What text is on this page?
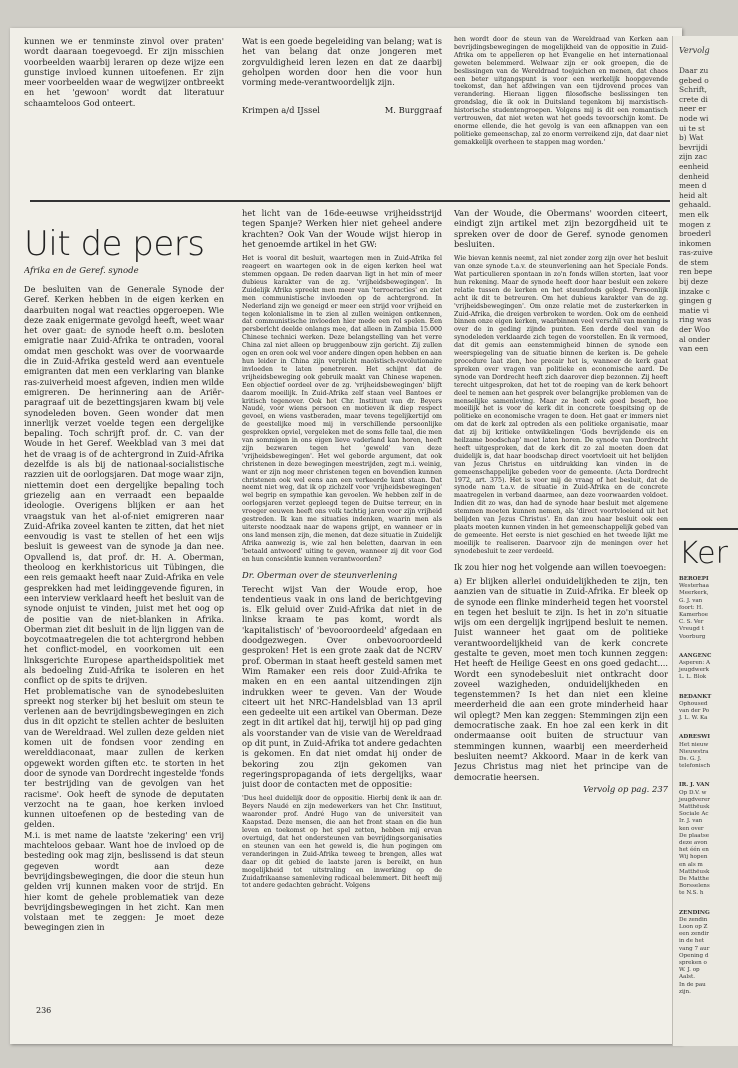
kunnen we er tenminste zinvol over praten' wordt daaraan toegevoegd. Er zijn misschien voorbeelden waarbij leraren op deze wijze een gunstige invloed kunnen uitoefenen. Er zijn meer voorbeelden waar de wegwijzer ontbreekt en het 'gewoon' wordt dat literatuur schaamteloos God onteert.

Wat is een goede begeleiding van belang; wat is het van belang dat onze jongeren met zorgvuldigheid leren lezen en dat ze daarbij geholpen worden door hen die voor hun vorming mede-verantwoordelijk zijn.

Krimpen a/d IJssel	M. Burggraaf

hen wordt door de steun van de Wereldraad van Kerken aan bevrijdingsbewegingen de mogelijkheid van de oppositie in Zuid-Afrika om te appelleren op het Evangelie en het internationaal geweten belemmerd. Welwaar zijn er ook groepen, die de beslissingen van de Wereldraad toejuichen en menen, dat chaos een beter uitgangspunt is voor een werkelijk hoopgevende toekomst, dan het afdwingen van een tijdrovend proces van verandering. Hieraan liggen filosofische beslissingen ten grondslag, die ik ook in Duitsland tegenkom bij marxistisch-historische studentengroepen. Volgens mij is dit een romantisch vertrouwen, dat niet weten wat het goeds tevoorschijn komt. De enorme ellende, die het gevolg is van een afknappen van een politieke gemeenschap, zal zo enorm verreikend zijn, dat daar niet gemakkelijk overheen te stappen mag worden.'

Uit de pers
Afrika en de Geref. synode

De besluiten van de Generale Synode der Geref. Kerken hebben in de eigen kerken en daarbuiten nogal wat reacties opgeroepen. Wie deze zaak enigermate gevolgd heeft, weet waar het over gaat: de synode heeft o.m. besloten emigratie naar Zuid-Afrika te ontraden, vooral omdat men geschokt was over de voorwaarde die in Zuid-Afrika gesteld werd aan eventuele emigranten dat men een verklaring van blanke ras-zuiverheid moest afgeven, indien men wilde emigreren. De herinnering aan de Ariër-paragraaf uit de bezettingsjaren kwam bij vele synodeleden boven. Geen wonder dat men innerlijk verzet voelde tegen een dergelijke bepaling. Toch schrijft prof. dr. C. van der Woude in het Geref. Weekblad van 3 mei dat het de vraag is of de achtergrond in Zuid-Afrika dezelfde is als bij de nationaal-socialistische razzien uit de oorlogsjaren. Dat moge waar zijn, niettemin doet een dergelijke bepaling toch griezelig aan en verraadt een bepaalde ideologie. Overigens blijken er aan het vraagstuk van het al-of-niet emigreren naar Zuid-Afrika zoveel kanten te zitten, dat het niet eenvoudig is vast te stellen of het een wijs besluit is geweest van de synode ja dan nee. Opvallend is, dat prof. dr. H. A. Oberman, theoloog en kerkhistoricus uit Tübingen, die een reis gemaakt heeft naar Zuid-Afrika en vele gesprekken had met leidinggevende figuren, in een interview verklaard heeft het besluit van de synode onjuist te vinden, juist met het oog op de positie van de niet-blanken in Afrika. Oberman ziet dit besluit in de lijn liggen van de boycotmaatregelen die tot achtergrond hebben het conflict-model, en voorkomen uit een linksgerichte Europese apartheidspolitiek met als bedoeling Zuid-Afrika te isoleren en het conflict op de spits te drijven.

Het problematische van de synodebesluiten spreekt nog sterker bij het besluit om steun te verlenen aan de bevrijdingsbewegingen en zich dus in dit opzicht te stellen achter de besluiten van de Wereldraad. Wel zullen deze gelden niet komen uit de fondsen voor zending en werelddiaconaat, maar zullen de kerken opgewekt worden giften etc. te storten in het door de synode van Dordrecht ingestelde 'fonds ter bestrijding van de gevolgen van het racisme'. Ook heeft de synode de deputaten verzocht na te gaan, hoe kerken invloed kunnen uitoefenen op de besteding van de gelden.

M.i. is met name de laatste 'zekering' een vrij machteloos gebaar. Want hoe de invloed op de besteding ook mag zijn, beslissend is dat steun gegeven wordt aan deze bevrijdingsbewegingen, die door die steun hun gelden vrij kunnen maken voor de strijd. En hier komt de gehele problematiek van deze bevrijdingsbewegingen in het zicht. Kan men volstaan met te zeggen: Je moet deze bewegingen zien in

het licht van de 16de-eeuwse vrijheidsstrijd tegen Spanje? Werken hier niet geheel andere krachten? Ook Van der Woude wijst hierop in het genoemde artikel in het GW:
Het is vooral dit besluit, waartegen men in Zuid-Afrika fel reageert en waartegen ook in de eigen kerken heel wat stemmen opgaan. De reden daarvan ligt in het min of meer dubieus karakter van de zg. 'vrijheidsbewegingen'. In Zuidelijk Afrika spreekt men meer van 'terroeracties' en ziet men communistische invloeden op de achtergrond. In Nederland zijn we geneigd er meer een strijd voor vrijheid en tegen kolonialisme in te zien al zullen weinigen ontkennen, dat communistische invloeden hier mede een rol spelen. Een persberlcht deelde onlangs mee, dat alleen in Zambia 15.000 Chinese technici werken. Deze belangstelling van het verre China zal niet alleen op bruggenbouw zijn gericht. Zij zullen ogen en oren ook wel voor andere dingen open hebben en aan hun leider in China zijn verplicht maoïstisch-revolutionaire invloeden te laten penetreren. Het schijnt dat de vrijheidsbeweging ook gebruik maakt van Chinese wapenen. Een objectief oordeel over de zg. 'vrijheidsbewegingen' blijft daarom moeilijk. In Zuid-Afrika zelf staan veel Bantoes er kritisch tegenover. Ook het Chr. Instituut van dr. Beyers Naudé, voor wiens persoon en motieven ik diep respect gevoel, en wiens vastberaden, maar tevens tegelijkertijd om de geestelijke moed mij in verschillende persoonlijke gesprekken opviel, vergeleken met de soms felle taal, die men van sommigen in ons eigen lieve vaderland kan horen, heeft zijn bezwaren tegen het 'geweld' van deze 'vrijheidsbewegingen'. Het wel geborde argument, dat ook christenen in deze bewegingen meestrijden, zegt m.i. weinig, want er zijn nog meer christenen tegen en bovendien kunnen christenen ook wel eens aan een verkeerde kant staan. Dat neemt niet weg, dat ik op zichzelf voor 'vrijheidsbewegingen' wel begrip en sympathie kan gevoelen. We hebben zelf in de oorlogsjaren verzet gepleegd tegen de Duitse terreur, en in vroeger eeuwen heeft ons volk tachtig jaren voor zijn vrijheid gestreden. Ik kan me situaties indenken, waarin men als uiterste noodzaak naar de wapens grijpt, en wanneer er in ons land mensen zijn, die menen, dat deze situatie in Zuidelijk Afrika aanwezig is, wie zal hen beletten, daarvan in een 'betaald antwoord' uiting te geven, wanneer zij dit voor God en hun consciëntie kunnen verantwoorden?
Dr. Oberman over de steunverlening
Terecht wijst Van der Woude erop, hoe tendentieus vaak in ons land de berichtgeving is. Elk geluid over Zuid-Afrika dat niet in de linkse kraam te pas komt, wordt als 'kapitalistisch' of 'bevooroordeeld' afgedaan en doodgezwegen. Over onbevooroordeeld gesproken! Het is een grote zaak dat de NCRV prof. Oberman in staat heeft gesteld samen met Wim Ramaker een reis door Zuid-Afrika te maken en en een aantal uitzendingen zijn indrukken weer te geven. Van der Woude citeert uit het NRC-Handelsblad van 13 april een gedeelte uit een artikel van Oberman. Deze zegt in dit artikel dat hij, terwijl hij op pad ging als voorstander van de visie van de Wereldraad op dit punt, in Zuid-Afrika tot andere gedachten is gekomen. En dat niet omdat hij onder de bekoring zou zijn gekomen van regeringspropaganda of iets dergelijks, waar juist door de contacten met de oppositie:
'Dus heel duidelijk door de oppositie. Hierbij denk ik aan dr. Beyers Naudé en zijn medewerkers van het Chr. Instituut, waaronder prof. André Hugo van de universiteit van Kaapstad. Deze mensen, die aan het front staan en die hun leven en toekomst op het spel zetten, hebben mij ervan overtuigd, dat het ondersteunen van bevrijdingsorganisaties en steunen van een het geweld is, die hun pogingen om veranderingen in Zuid-Afrika teweeg te brengen, alles wat daar op dit gebied de laatste jaren is bereikt, en hun mogelijkheid tot uitstraling en inwerking op de Zuidafrikaanse samenleving radicaal belemmert. Dit heeft mij tot andere gedachten gebracht. Volgens
Van der Woude, die Obermans' woorden citeert, eindigt zijn artikel met zijn bezorgdheid uit te spreken over de door de Geref. synode genomen besluiten.
Wie bievan kennis neemt, zal niet zonder zorg zijn over het besluit van onze synode t.a.v. de steunverlening aan het Speciale Fonds. Wat particulieren spontaan in zo'n fonds willen storten, laat voor hun rekening. Maar de synode heeft door haar besluit een zekere relatie tussen de kerken en het steunfonds gelegd. Persoonlijk acht ik dit te betreuren. Om het dubieus karakter van de zg. 'vrijheidsbewegingen'. Om onze relatie met de zusterkerken in Zuid-Afrika, die dreigen verbroken te worden. Ook om de eenheid binnen onze eigen kerken, waarbinnen veel verschil van mening is over de in geding zijnde punten. Een derde deel van de synodeleden verklaarde zich tegen de voorstellen. En ik vermoed, dat dit gemis aan eenstemmigheid binnen de synode een weerspiegeling van de situatie binnen de kerken is. De gehele procedure laat zien, hoe precair het is, wanneer de kerk gaat spreken over vragen van politieke en economische aard. De synode van Dordrecht heeft zich daarover diep bezonnen. Zij heeft terecht uitgesproken, dat het tot de roeping van de kerk behoort deel te nemen aan het gesprek over belangrijke problemen van de menselijke samenleving. Maar ze heeft ook goed beseft, hoe moeilijk het is voor de kerk dit in concrete toespitsing op de politieke en economische vragen te doen. Het gaat er immers niet om dat de kerk zal optreden als een politieke organisatie, maar dat zij bij kritieke ontwikkelingen 'Gods bevrijdende eis en heilzame boodschap' moet laten horen. De synode van Dordrecht heeft uitgesproken, dat de kerk dit zo zal moeten doen dat duidelijk is, dat haar boodschap direct voortvloeit uit het belijden van Jezus Christus en uitdrukking kan vinden in de gemeenschappelijke gebeden voor de gemeente. (Acta Dordrecht 1972, art. 375). Het is voor mij de vraag of het besluit, dat de synode nam t.a.v. de situatie in Zuid-Afrika en de concrete maatregelen in verband daarmee, aan deze voorwaarden voldoet. Indien dit zo was, dan had de synode haar besluit met algemene stemmen moeten kunnen nemen, als 'direct voortvloeiend uit het belijden van Jezus Christus'. En dan zou haar besluit ook een plaats moeten kunnen vinden in het gemeenschappelijk gebed van de gemeente. Het eerste is niet geschied en het tweede lijkt me moeilijk te realiseren. Daarvoor zijn de meningen over het synodebesluit te zeer verdeeld.
Ik zou hier nog het volgende aan willen toevoegen:
a) Er blijken allerlei onduidelijkheden te zijn, ten aanzien van de situatie in Zuid-Afrika. Er bleek op de synode een flinke minderheid tegen het voorstel en tegen het besluit te zijn. Is het in zo'n situatie wijs om een dergelijk ingrijpend besluit te nemen. Juist wanneer het gaat om de politieke verantwoordelijkheid van de kerk concrete gestalte te geven, moet men toch kunnen zeggen: Het heeft de Heilige Geest en ons goed gedacht.... Wordt een synodebesluit niet ontkracht door zoveel wazigheden, onduidelijkheden en tegenstemmen? Is het dan niet een kleine meerderheid die aan een grote minderheid haar wil oplegt? Men kan zeggen: Stemmingen zijn een democratische zaak. En hoe zal een kerk in dit ondermaanse ooit buiten de structuur van stemmingen kunnen, waarbij een meerderheid besluiten neemt? Akkoord. Maar in de kerk van Jezus Christus mag niet het principe van de democratie heersen.
Vervolg op pag. 237
236
Vervolg
Daar zu
gebed o
Schrift,
crete di
neer er
node wi
ui te st
b) Wat
bevrijdi
zijn zac
eenheid
denheid
meen d
heid alt
gehaald.
men elk
mogen z
broederl
inkomen
ras-zuive
de stem
ren bepe
bij deze
inzake c
gingen g
matie vi
ring was
der Woo
al onder
van een
Ker
BEROEPI
Westerhaa
Meerkerk,
G. J. van
foort: H.
Kamerhoe
C. S. Ver
Vreugd t
Voorburg
AANGENC
Asperen: A
jeugdwerk
L. L. Blok
BEDANKT
Ophoused
van der Po
J. L. W. Ka
ADRESWI
Het nieuw
Nieuwstra
Ds. G. J.
telefonisch
IR. J. VAN
Op D.V. w
jeugdverer
Matthëusk
Sociale Ac
Ir. J. van
ken over
De plaatse
deze avon
het één en
Wij hopen
en als m
Matthëusk
De Matthe
Borsselens
te N.S. h
ZENDING
De zendin
Loon op Z
een zendir
in de het
vang 7 aur
Opening d
spreken o
W. J. op
Aalst.
In de pau
zijn.
